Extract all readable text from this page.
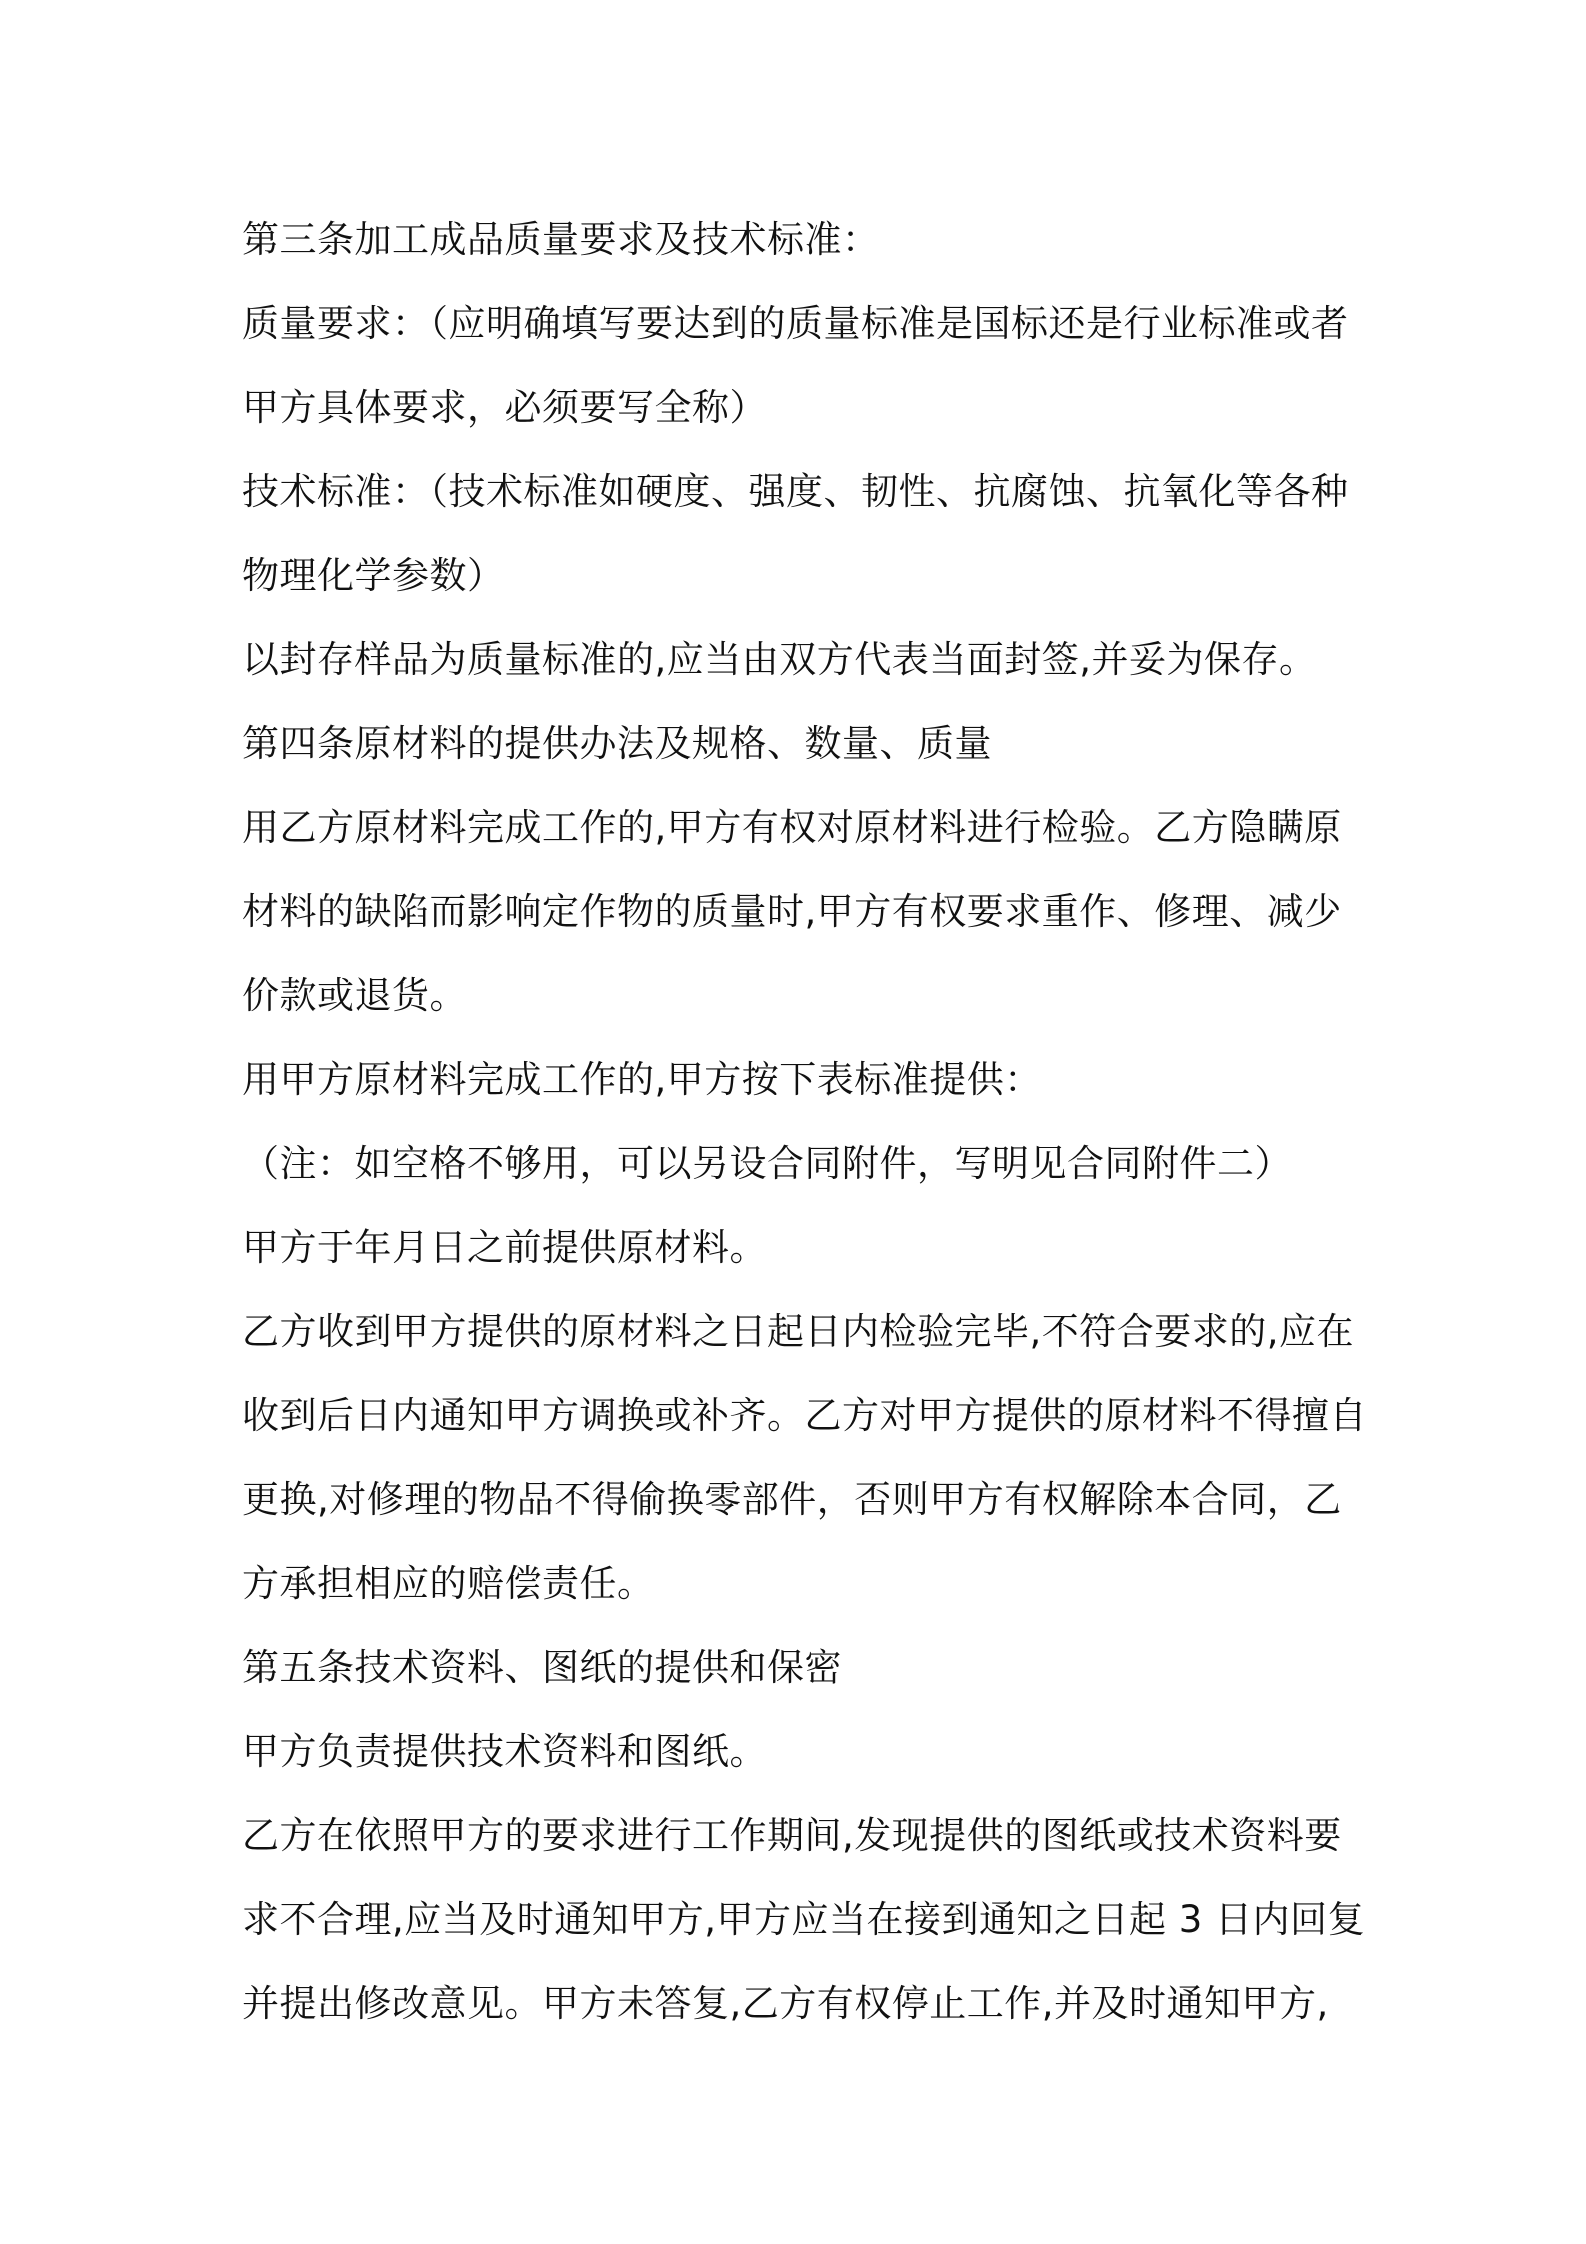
第三条加工成品质量要求及技术标准：
质量要求：（应明确填写要达到的质量标准是国标还是行业标准或者
甲方具体要求，必须要写全称）
技术标准：（技术标准如硬度、强度、韧性、抗腐蚀、抗氧化等各种
物理化学参数）
以封存样品为质量标准的,应当由双方代表当面封签,并妥为保存。
第四条原材料的提供办法及规格、数量、质量
用乙方原材料完成工作的,甲方有权对原材料进行检验。乙方隐瞒原
材料的缺陷而影响定作物的质量时,甲方有权要求重作、修理、减少
价款或退货。
用甲方原材料完成工作的,甲方按下表标准提供：
（注：如空格不够用，可以另设合同附件，写明见合同附件二）
甲方于年月日之前提供原材料。
乙方收到甲方提供的原材料之日起日内检验完毕,不符合要求的,应在
收到后日内通知甲方调换或补齐。乙方对甲方提供的原材料不得擅自
更换,对修理的物品不得偷换零部件，否则甲方有权解除本合同，乙
方承担相应的赔偿责任。
第五条技术资料、图纸的提供和保密
甲方负责提供技术资料和图纸。
乙方在依照甲方的要求进行工作期间,发现提供的图纸或技术资料要
求不合理,应当及时通知甲方,甲方应当在接到通知之日起 3 日内回复
并提出修改意见。甲方未答复,乙方有权停止工作,并及时通知甲方,
